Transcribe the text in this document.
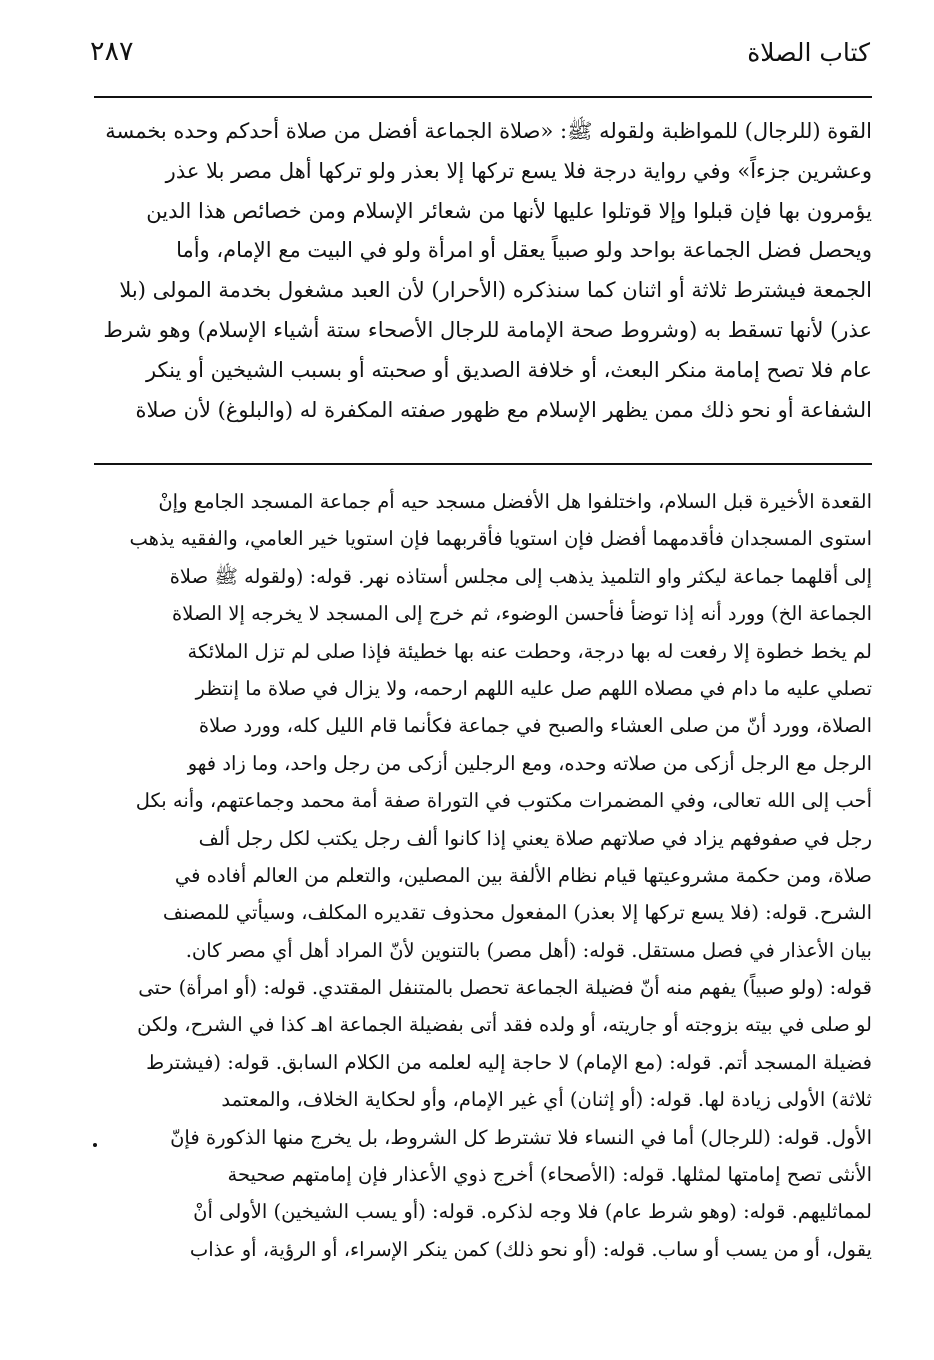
كتاب الصلاة
٢٨٧
القوة (للرجال) للمواظبة ولقوله ﷺ: «صلاة الجماعة أفضل من صلاة أحدكم وحده بخمسة
وعشرين جزءاً» وفي رواية درجة فلا يسع تركها إلا بعذر ولو تركها أهل مصر بلا عذر
يؤمرون بها فإن قبلوا وإلا قوتلوا عليها لأنها من شعائر الإسلام ومن خصائص هذا الدين
ويحصل فضل الجماعة بواحد ولو صبياً يعقل أو امرأة ولو في البيت مع الإمام، وأما
الجمعة فيشترط ثلاثة أو اثنان كما سنذكره (الأحرار) لأن العبد مشغول بخدمة المولى (بلا
عذر) لأنها تسقط به (وشروط صحة الإمامة للرجال الأصحاء ستة أشياء الإسلام) وهو شرط
عام فلا تصح إمامة منكر البعث، أو خلافة الصديق أو صحبته أو بسبب الشيخين أو ينكر
الشفاعة أو نحو ذلك ممن يظهر الإسلام مع ظهور صفته المكفرة له (والبلوغ) لأن صلاة
القعدة الأخيرة قبل السلام، واختلفوا هل الأفضل مسجد حيه أم جماعة المسجد الجامع وإنْ
استوى المسجدان فأقدمهما أفضل فإن استويا فأقربهما فإن استويا خير العامي، والفقيه يذهب
إلى أقلهما جماعة ليكثر واو التلميذ يذهب إلى مجلس أستاذه نهر. قوله: (ولقوله ﷺ صلاة
الجماعة الخ) وورد أنه إذا توضأ فأحسن الوضوء، ثم خرج إلى المسجد لا يخرجه إلا الصلاة
لم يخط خطوة إلا رفعت له بها درجة، وحطت عنه بها خطيئة فإذا صلى لم تزل الملائكة
تصلي عليه ما دام في مصلاه اللهم صل عليه اللهم ارحمه، ولا يزال في صلاة ما إنتظر
الصلاة، وورد أنّ من صلى العشاء والصبح في جماعة فكأنما قام الليل كله، وورد صلاة
الرجل مع الرجل أزكى من صلاته وحده، ومع الرجلين أزكى من رجل واحد، وما زاد فهو
أحب إلى الله تعالى، وفي المضمرات مكتوب في التوراة صفة أمة محمد وجماعتهم، وأنه بكل
رجل في صفوفهم يزاد في صلاتهم صلاة يعني إذا كانوا ألف رجل يكتب لكل رجل ألف
صلاة، ومن حكمة مشروعيتها قيام نظام الألفة بين المصلين، والتعلم من العالم أفاده في
الشرح. قوله: (فلا يسع تركها إلا بعذر) المفعول محذوف تقديره المكلف، وسيأتي للمصنف
بيان الأعذار في فصل مستقل. قوله: (أهل مصر) بالتنوين لأنّ المراد أهل أي مصر كان.
قوله: (ولو صبياً) يفهم منه أنّ فضيلة الجماعة تحصل بالمتنفل المقتدي. قوله: (أو امرأة) حتى
لو صلى في بيته بزوجته أو جاريته، أو ولده فقد أتى بفضيلة الجماعة اهـ كذا في الشرح، ولكن
فضيلة المسجد أتم. قوله: (مع الإمام) لا حاجة إليه لعلمه من الكلام السابق. قوله: (فيشترط
ثلاثة) الأولى زيادة لها. قوله: (أو إثنان) أي غير الإمام، وأو لحكاية الخلاف، والمعتمد
الأول. قوله: (للرجال) أما في النساء فلا تشترط كل الشروط، بل يخرج منها الذكورة فإنّ
الأنثى تصح إمامتها لمثلها. قوله: (الأصحاء) أخرج ذوي الأعذار فإن إمامتهم صحيحة
لمماثليهم. قوله: (وهو شرط عام) فلا وجه لذكره. قوله: (أو يسب الشيخين) الأولى أنْ
يقول، أو من يسب أو ساب. قوله: (أو نحو ذلك) كمن ينكر الإسراء، أو الرؤية، أو عذاب
